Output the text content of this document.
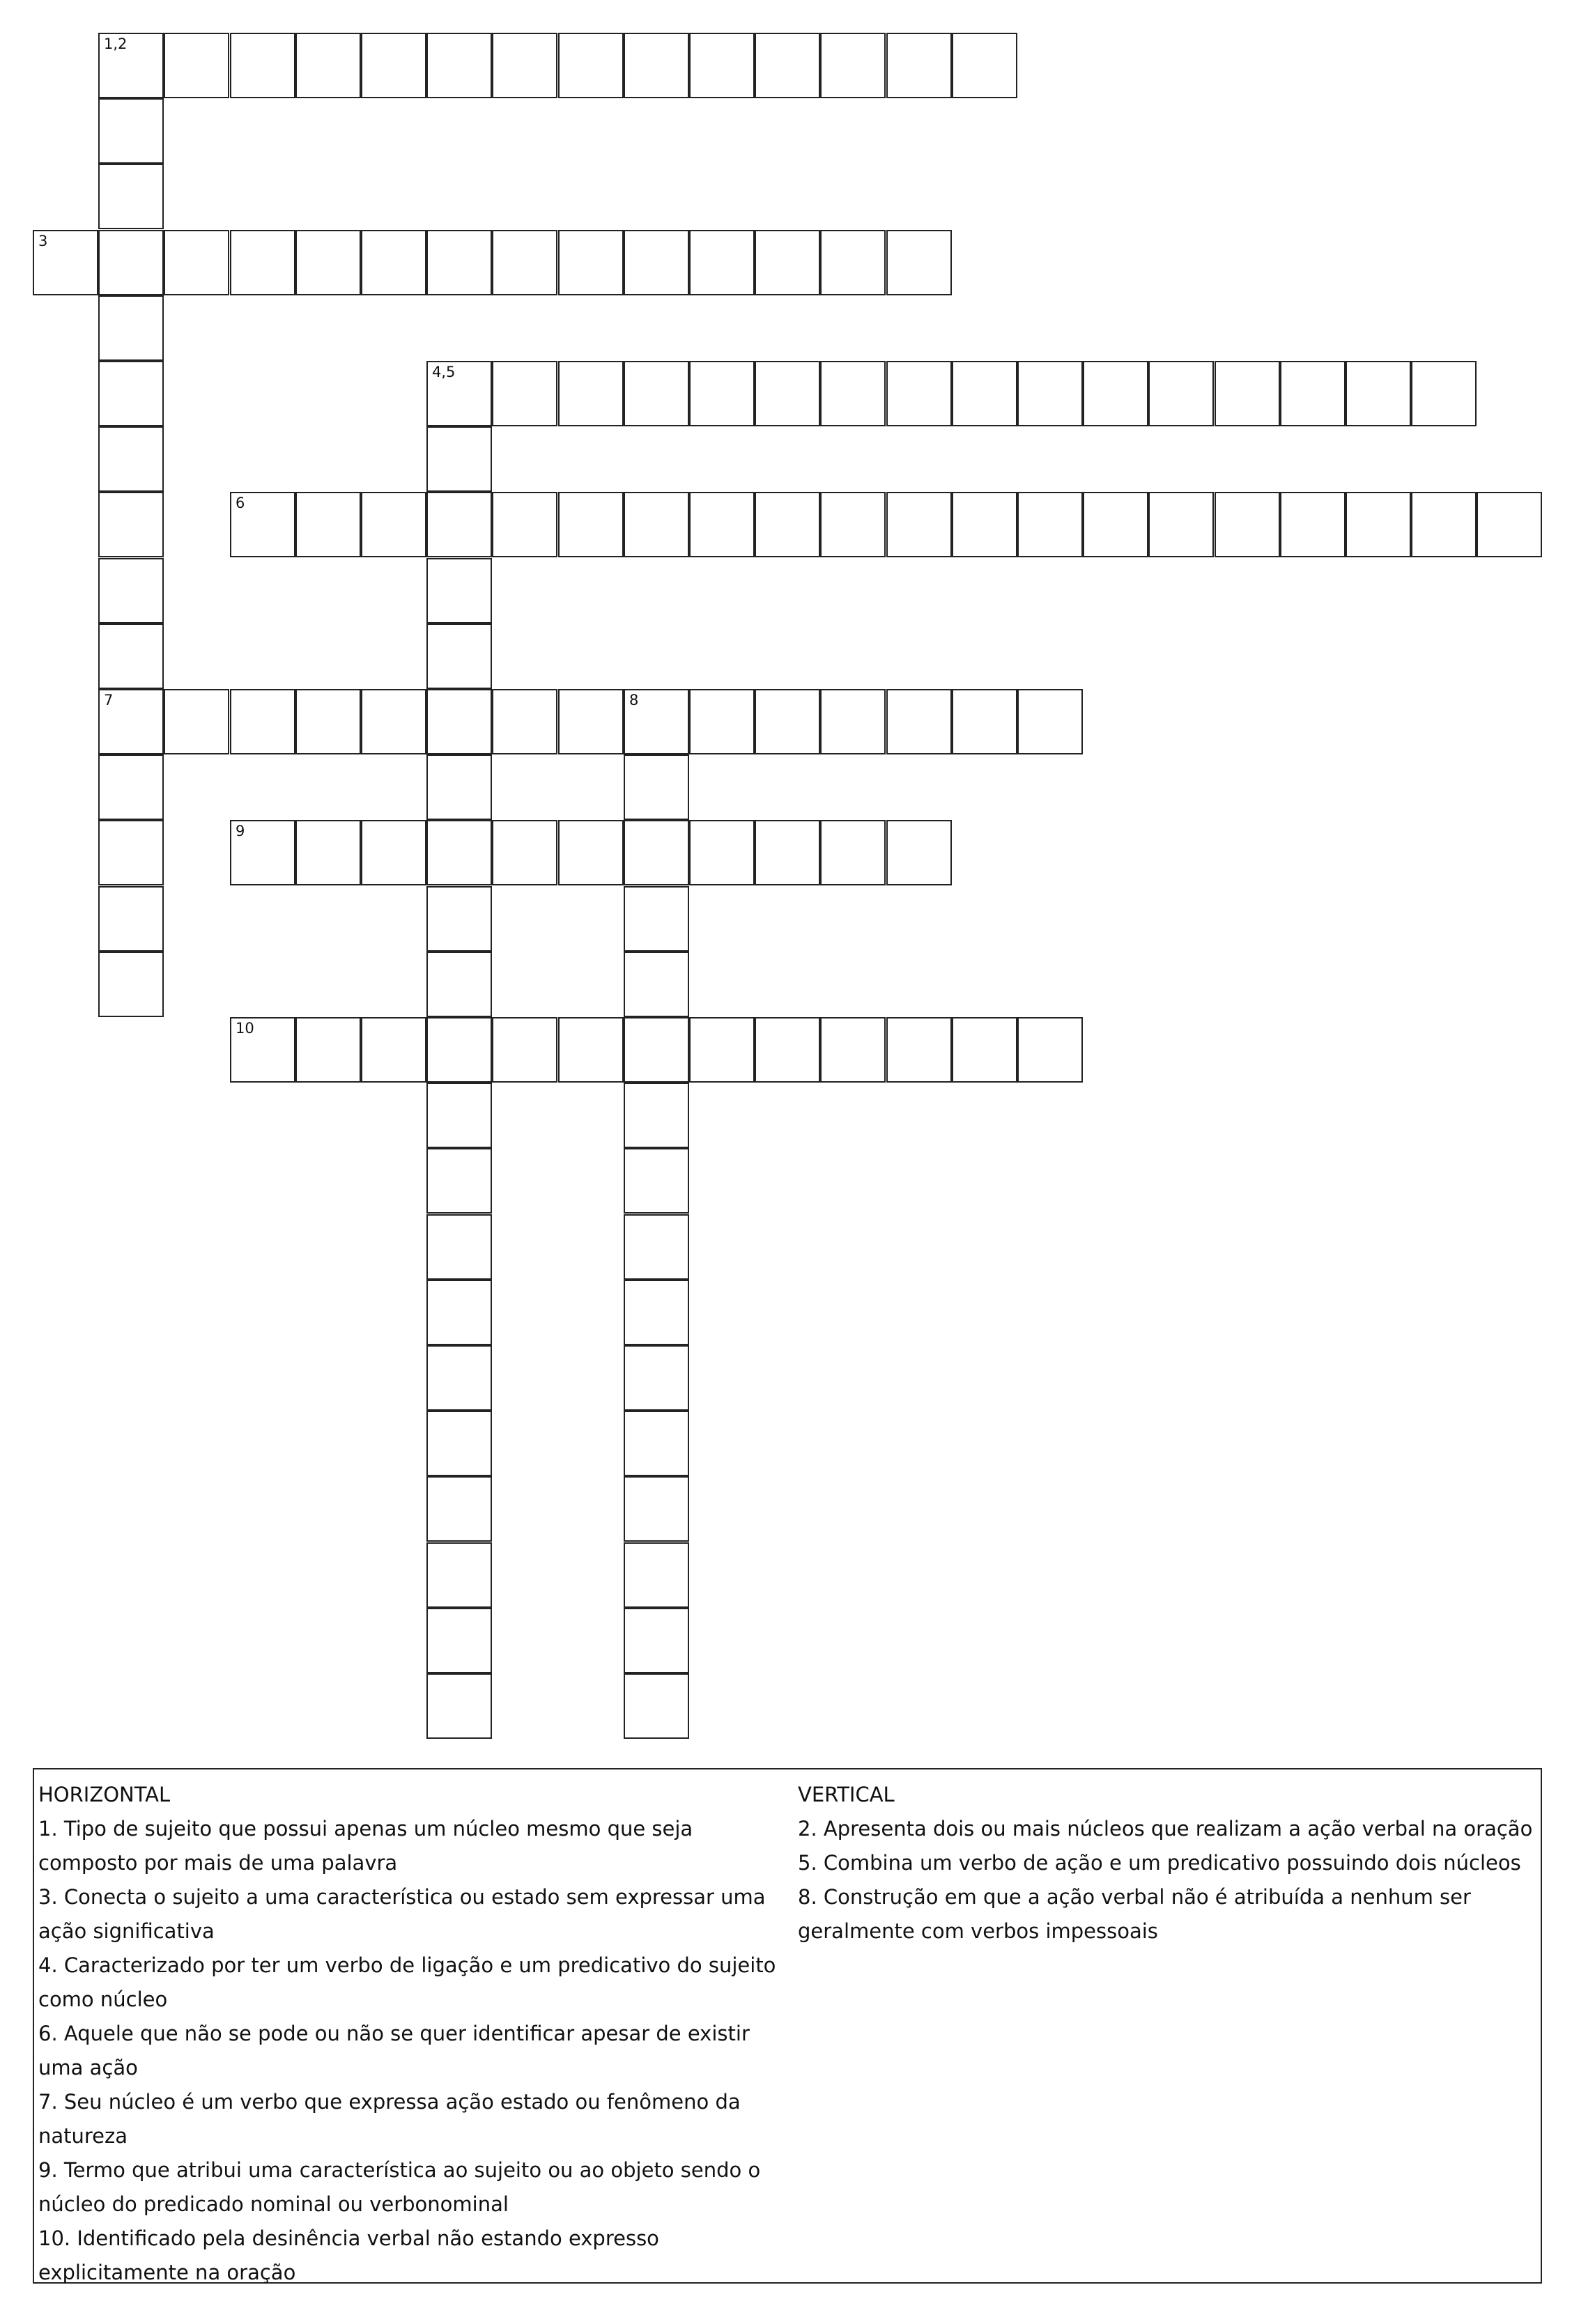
1,2
7
3
4,5
6
8
9
10
HORIZONTAL

1. Tipo de sujeito que possui apenas um núcleo mesmo que seja composto por mais de uma palavra

3. Conecta o sujeito a uma característica ou estado sem expressar uma ação significativa

4. Caracterizado por ter um verbo de ligação e um predicativo do sujeito como núcleo

6. Aquele que não se pode ou não se quer identificar apesar de existir uma ação

7. Seu núcleo é um verbo que expressa ação estado ou fenômeno da natureza

9. Termo que atribui uma característica ao sujeito ou ao objeto sendo o núcleo do predicado nominal ou verbonominal

10. Identificado pela desinência verbal não estando expresso explicitamente na oração

VERTICAL

2. Apresenta dois ou mais núcleos que realizam a ação verbal na oração

5. Combina um verbo de ação e um predicativo possuindo dois núcleos

8. Construção em que a ação verbal não é atribuída a nenhum ser geralmente com verbos impessoais
